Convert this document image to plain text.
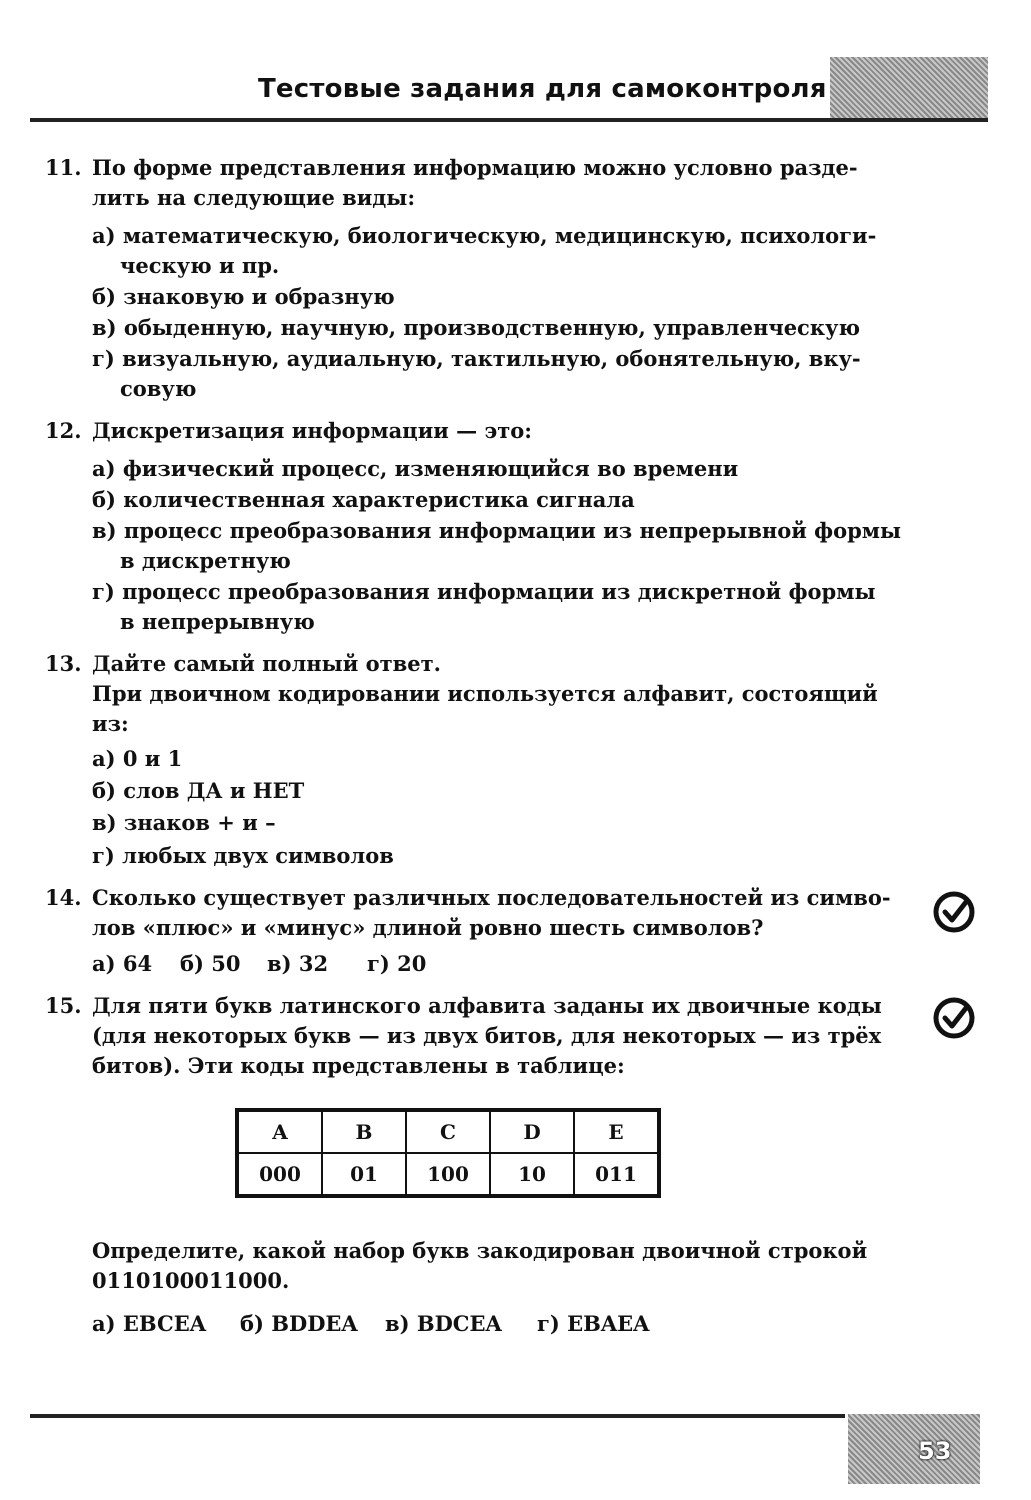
Тестовые задания для самоконтроля
11. По форме представления информацию можно условно разде-
лить на следующие виды:
а) математическую, биологическую, медицинскую, психологи-
ческую и пр.
б) знаковую и образную
в) обыденную, научную, производственную, управленческую
г) визуальную, аудиальную, тактильную, обонятельную, вку-
совую
12. Дискретизация информации — это:
а) физический процесс, изменяющийся во времени
б) количественная характеристика сигнала
в) процесс преобразования информации из непрерывной формы
в дискретную
г) процесс преобразования информации из дискретной формы
в непрерывную
13. Дайте самый полный ответ.
При двоичном кодировании используется алфавит, состоящий
из:
а) 0 и 1
б) слов ДА и НЕТ
в) знаков + и –
г) любых двух символов
14. Сколько существует различных последовательностей из симво-
лов «плюс» и «минус» длиной ровно шесть символов?
а) 64 б) 50 в) 32 г) 20
15. Для пяти букв латинского алфавита заданы их двоичные коды
(для некоторых букв — из двух битов, для некоторых — из трёх
битов). Эти коды представлены в таблице:
A	B	C	D	E
000	01	100	10	011
Определите, какой набор букв закодирован двоичной строкой
0110100011000.
а) EBCEA б) BDDEA в) BDCEA г) EBAEA
53
